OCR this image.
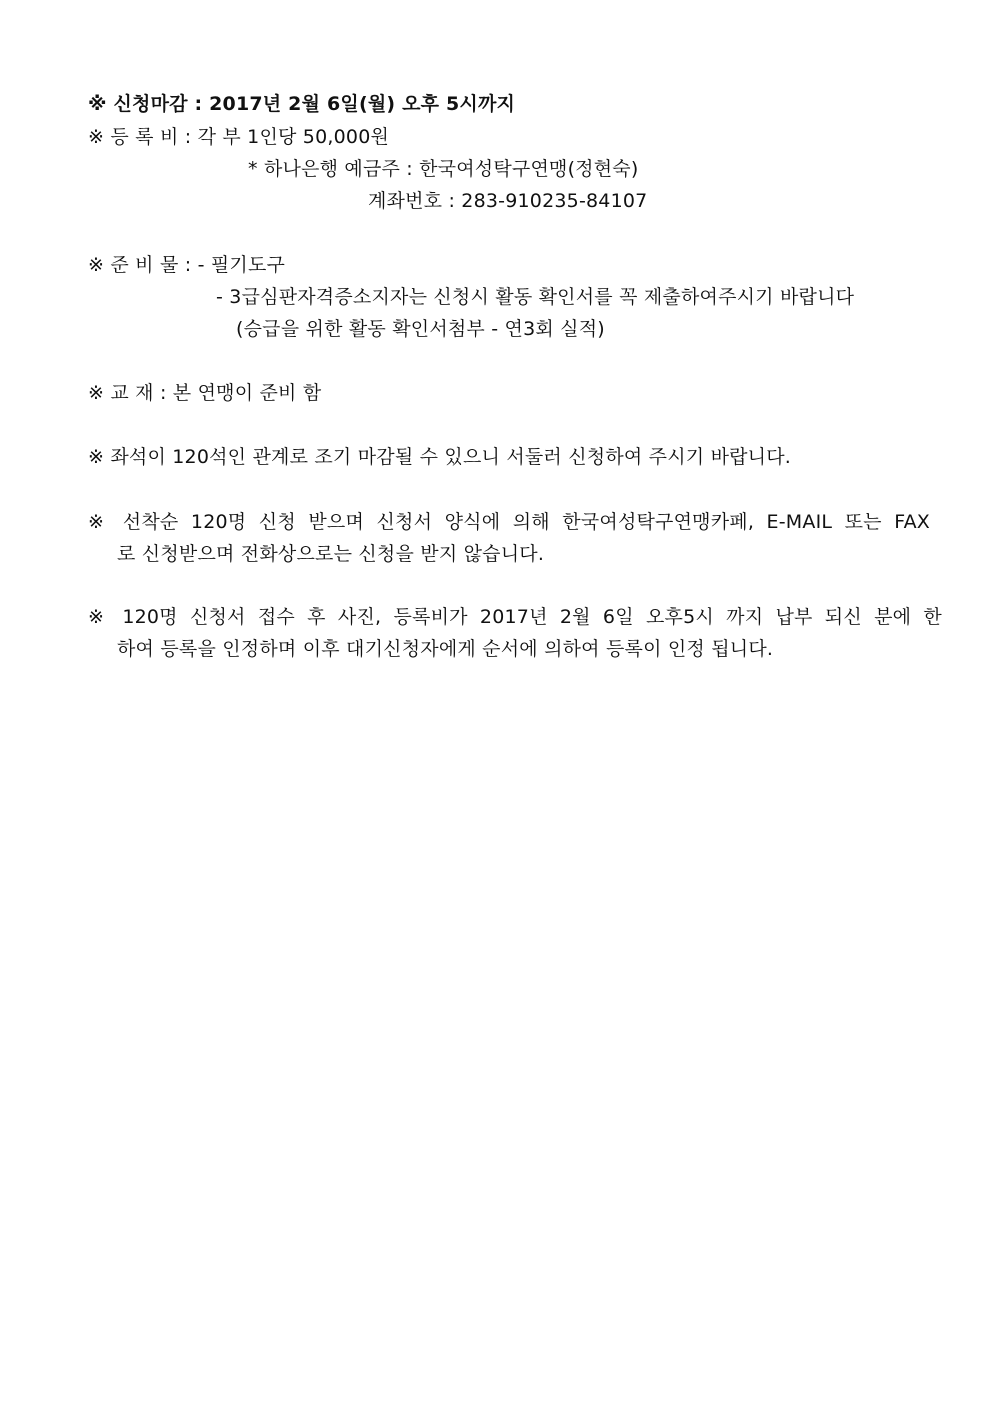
※ 신청마감 : 2017년 2월 6일(월) 오후 5시까지
※ 등 록 비 : 각 부 1인당 50,000원
* 하나은행 예금주 : 한국여성탁구연맹(정현숙)
계좌번호 : 283-910235-84107
※ 준 비 물 : - 필기도구
- 3급심판자격증소지자는 신청시 활동 확인서를 꼭 제출하여주시기 바랍니다
(승급을 위한 활동 확인서첨부 - 연3회 실적)
※ 교 재 : 본 연맹이 준비 함
※ 좌석이 120석인 관계로 조기 마감될 수 있으니 서둘러 신청하여 주시기 바랍니다.
※ 선착순 120명 신청 받으며 신청서 양식에 의해 한국여성탁구연맹카페, E-MAIL 또는 FAX
로 신청받으며 전화상으로는 신청을 받지 않습니다.
※ 120명 신청서 접수 후 사진, 등록비가 2017년 2월 6일 오후5시 까지 납부 되신 분에 한
하여 등록을 인정하며 이후 대기신청자에게 순서에 의하여 등록이 인정 됩니다.
